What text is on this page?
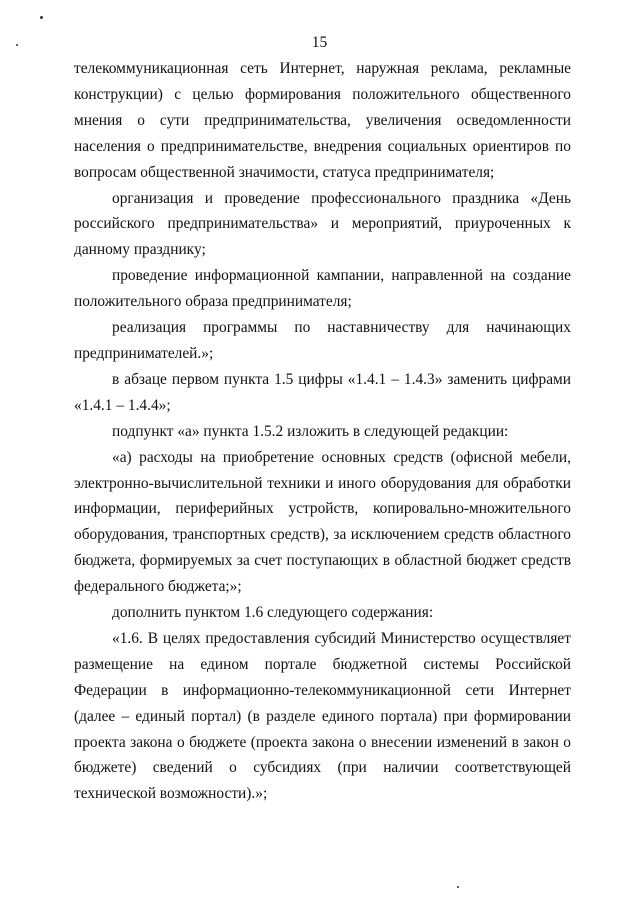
15

телекоммуникационная сеть Интернет, наружная реклама, рекламные конструкции) с целью формирования положительного общественного мнения о сути предпринимательства, увеличения осведомленности населения о предпринимательстве, внедрения социальных ориентиров по вопросам общественной значимости, статуса предпринимателя;

организация и проведение профессионального праздника «День российского предпринимательства» и мероприятий, приуроченных к данному празднику;

проведение информационной кампании, направленной на создание положительного образа предпринимателя;

реализация программы по наставничеству для начинающих предпринимателей.»;

в абзаце первом пункта 1.5 цифры «1.4.1 – 1.4.3» заменить цифрами «1.4.1 – 1.4.4»;

подпункт «а» пункта 1.5.2 изложить в следующей редакции:

«а) расходы на приобретение основных средств (офисной мебели, электронно-вычислительной техники и иного оборудования для обработки информации, периферийных устройств, копировально-множительного оборудования, транспортных средств), за исключением средств областного бюджета, формируемых за счет поступающих в областной бюджет средств федерального бюджета;»;

дополнить пунктом 1.6 следующего содержания:

«1.6. В целях предоставления субсидий Министерство осуществляет размещение на едином портале бюджетной системы Российской Федерации в информационно-телекоммуникационной сети Интернет (далее – единый портал) (в разделе единого портала) при формировании проекта закона о бюджете (проекта закона о внесении изменений в закон о бюджете) сведений о субсидиях (при наличии соответствующей технической возможности).»;
